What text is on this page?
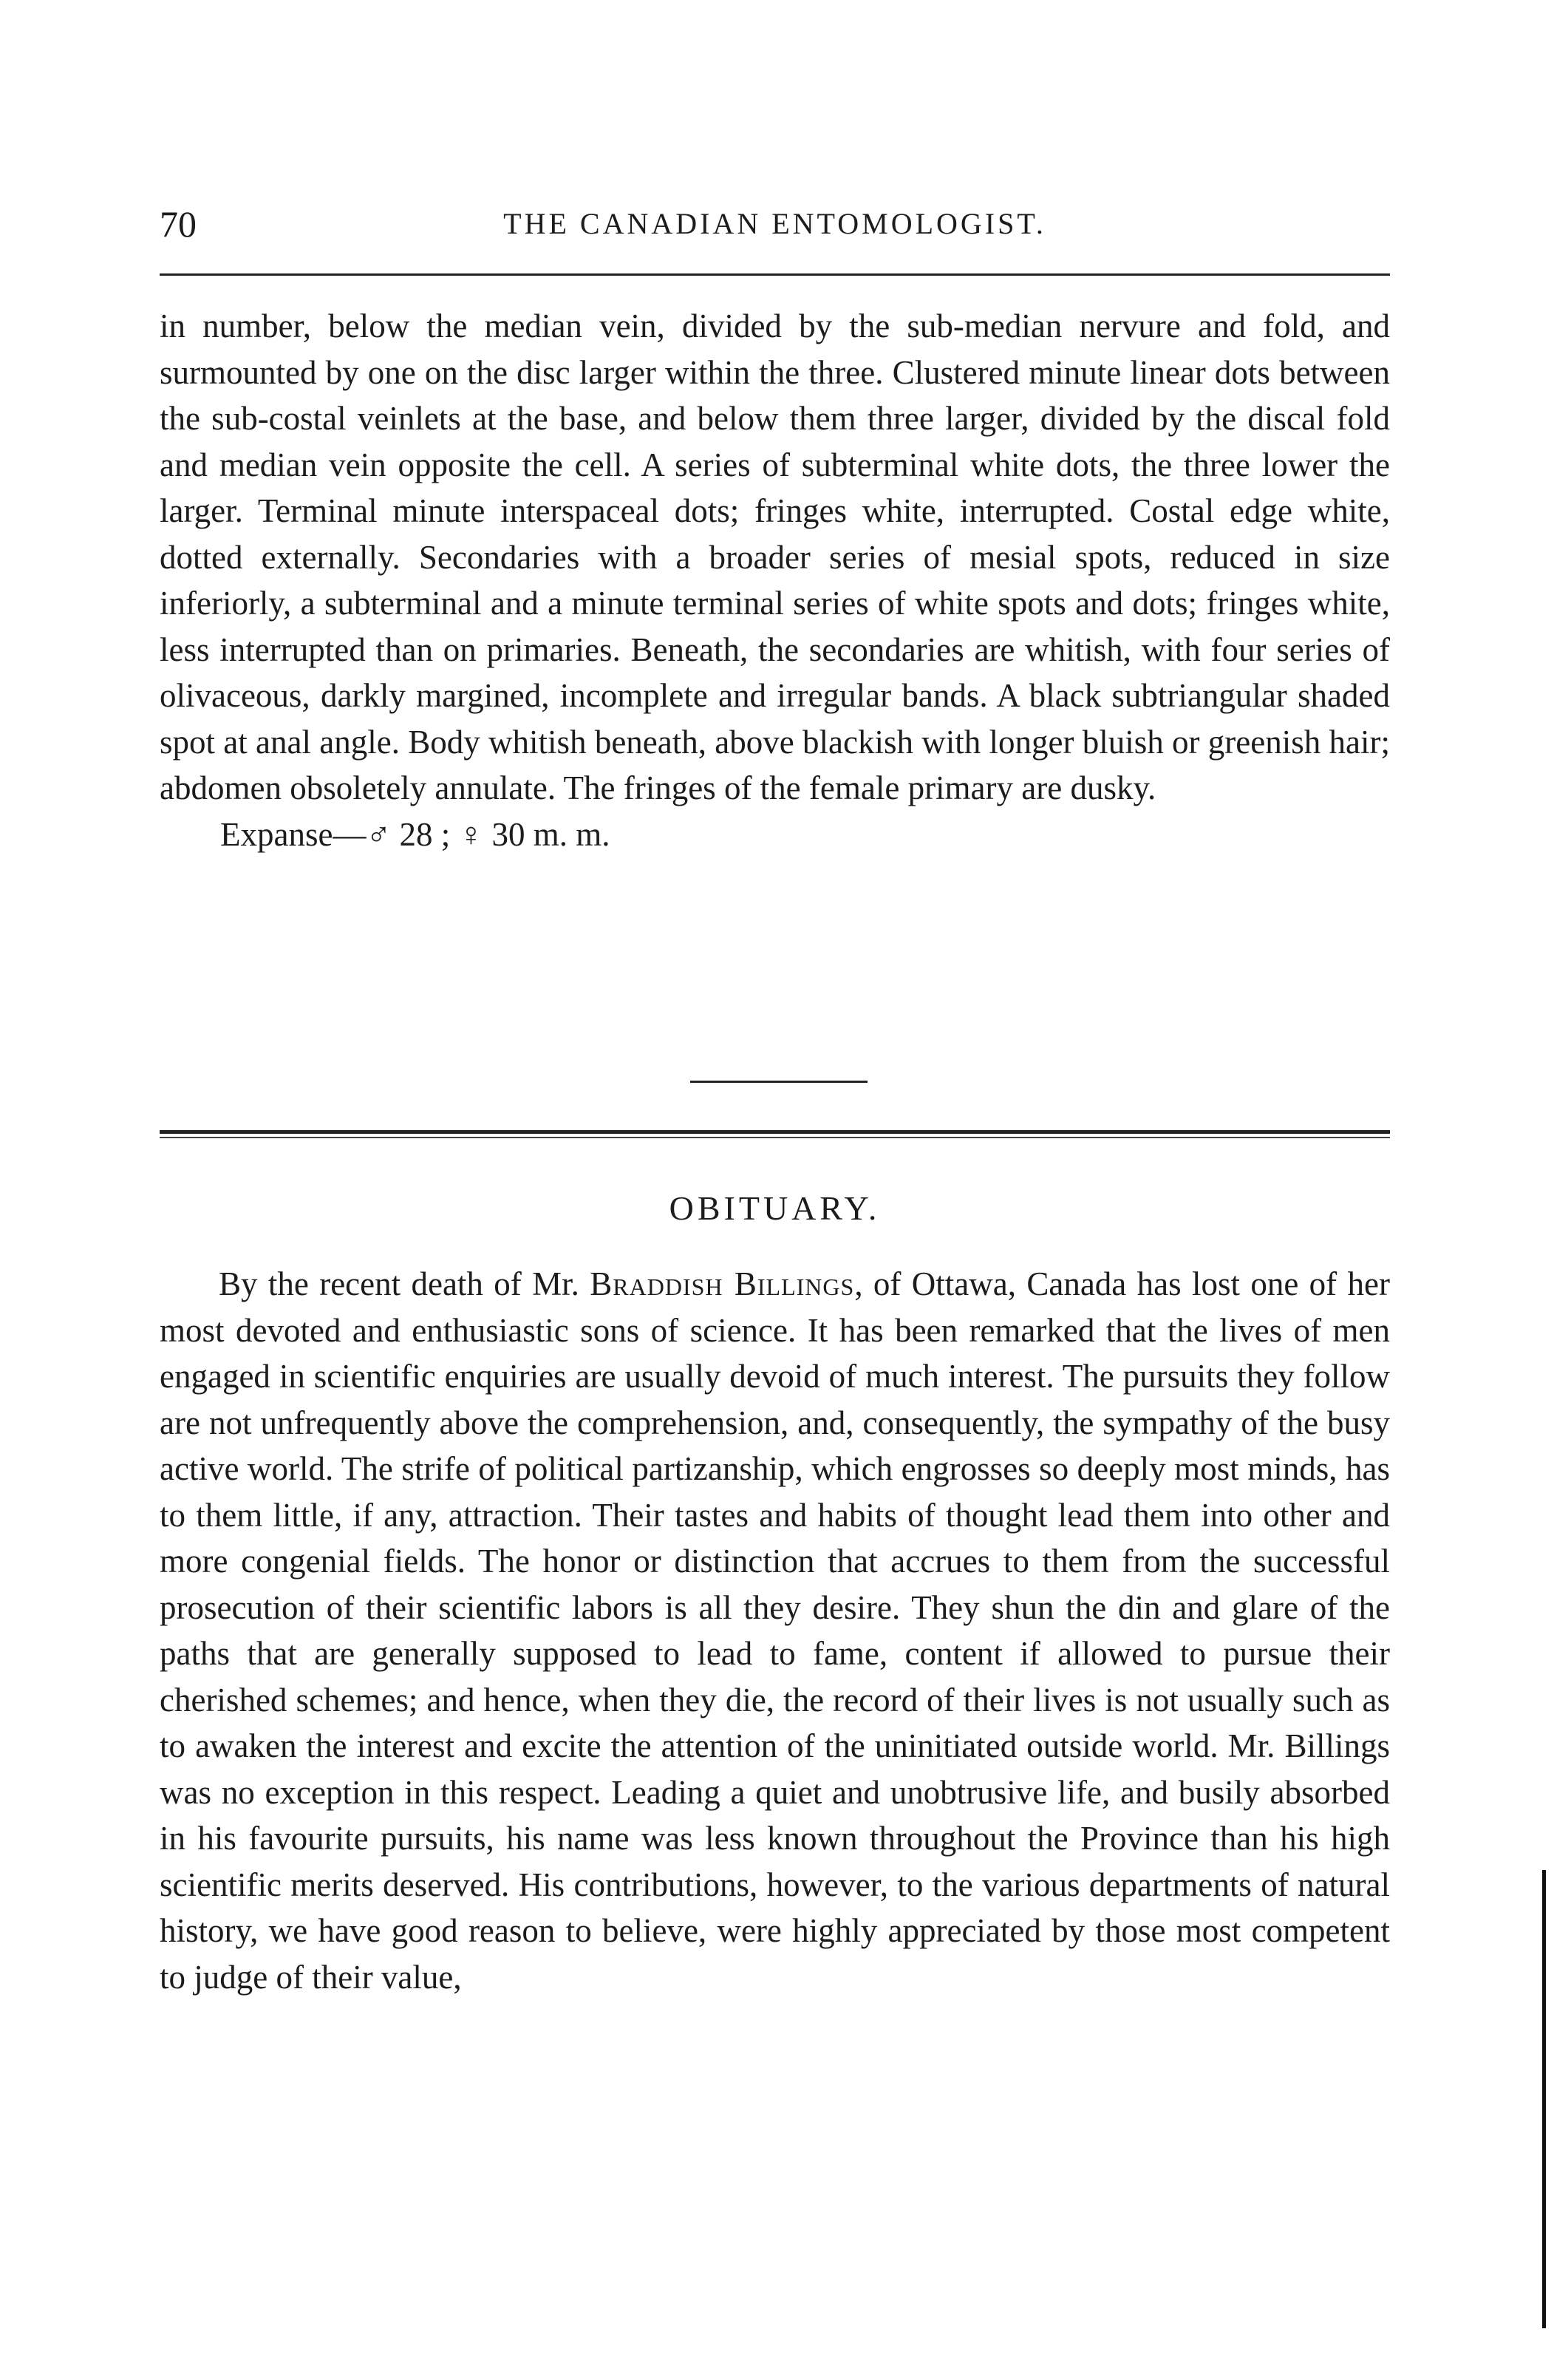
70	THE CANADIAN ENTOMOLOGIST.

in number, below the median vein, divided by the sub-median nervure and fold, and surmounted by one on the disc larger within the three. Clustered minute linear dots between the sub-costal veinlets at the base, and below them three larger, divided by the discal fold and median vein opposite the cell. A series of subterminal white dots, the three lower the larger. Terminal minute interspaceal dots; fringes white, interrupted. Costal edge white, dotted externally. Secondaries with a broader series of mesial spots, reduced in size inferiorly, a subterminal and a minute terminal series of white spots and dots; fringes white, less interrupted than on primaries. Beneath, the secondaries are whitish, with four series of olivaceous, darkly margined, incomplete and irregular bands. A black subtriangular shaded spot at anal angle. Body whitish beneath, above blackish with longer bluish or greenish hair; abdomen obsoletely annulate. The fringes of the female primary are dusky.

Expanse—♂ 28 ; ♀ 30 m. m.

OBITUARY.

By the recent death of Mr. Braddish Billings, of Ottawa, Canada has lost one of her most devoted and enthusiastic sons of science. It has been remarked that the lives of men engaged in scientific enquiries are usually devoid of much interest. The pursuits they follow are not unfrequently above the comprehension, and, consequently, the sympathy of the busy active world. The strife of political partizanship, which engrosses so deeply most minds, has to them little, if any, attraction. Their tastes and habits of thought lead them into other and more congenial fields. The honor or distinction that accrues to them from the successful prosecution of their scientific labors is all they desire. They shun the din and glare of the paths that are generally supposed to lead to fame, content if allowed to pursue their cherished schemes; and hence, when they die, the record of their lives is not usually such as to awaken the interest and excite the attention of the uninitiated outside world. Mr. Billings was no exception in this respect. Leading a quiet and unobtrusive life, and busily absorbed in his favourite pursuits, his name was less known throughout the Province than his high scientific merits deserved. His contributions, however, to the various departments of natural history, we have good reason to believe, were highly appreciated by those most competent to judge of their value,
